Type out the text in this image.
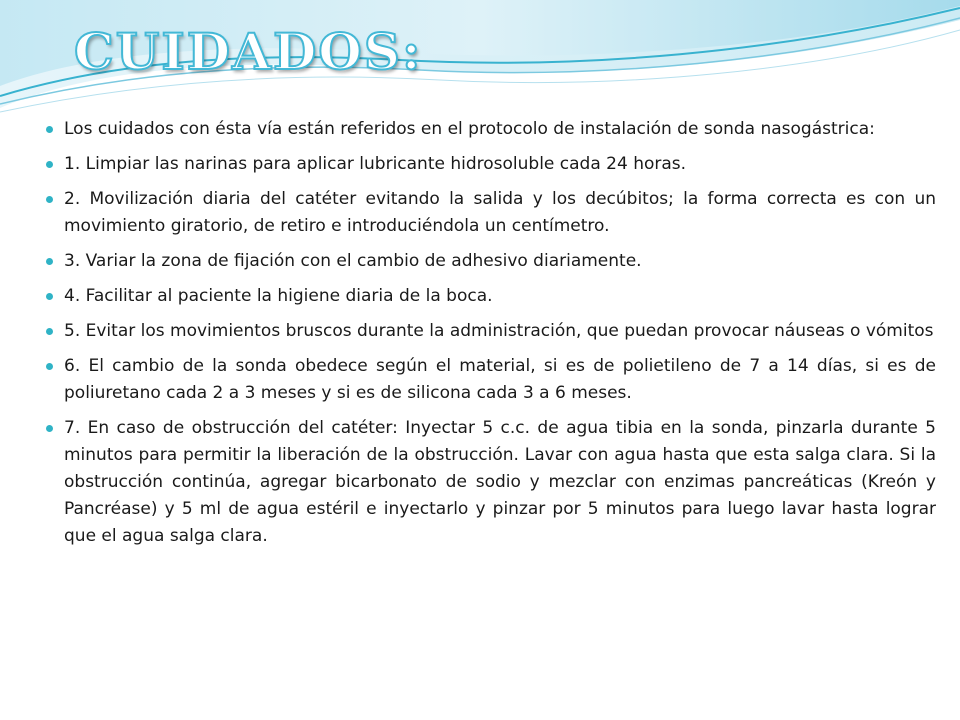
CUIDADOS:
Los cuidados con ésta vía están referidos en el protocolo de instalación de sonda nasogástrica:
1. Limpiar las narinas para aplicar lubricante hidrosoluble cada 24 horas.
2. Movilización diaria del catéter evitando la salida y los decúbitos; la forma correcta es con un movimiento giratorio, de retiro e introduciéndola un centímetro.
3. Variar la zona de fijación con el cambio de adhesivo diariamente.
4. Facilitar al paciente la higiene diaria de la boca.
5. Evitar los movimientos bruscos durante la administración, que puedan provocar náuseas o vómitos
6. El cambio de la sonda obedece según el material, si es de polietileno de 7 a 14 días, si es de poliuretano cada 2 a 3 meses y si es de silicona cada 3 a 6 meses.
7. En caso de obstrucción del catéter: Inyectar 5 c.c. de agua tibia en la sonda, pinzarla durante 5 minutos para permitir la liberación de la obstrucción. Lavar con agua hasta que esta salga clara. Si la obstrucción continúa, agregar bicarbonato de sodio y mezclar con enzimas pancreáticas (Kreón y Pancréase) y 5 ml de agua estéril e inyectarlo y pinzar por 5 minutos para luego lavar hasta lograr que el agua salga clara.
